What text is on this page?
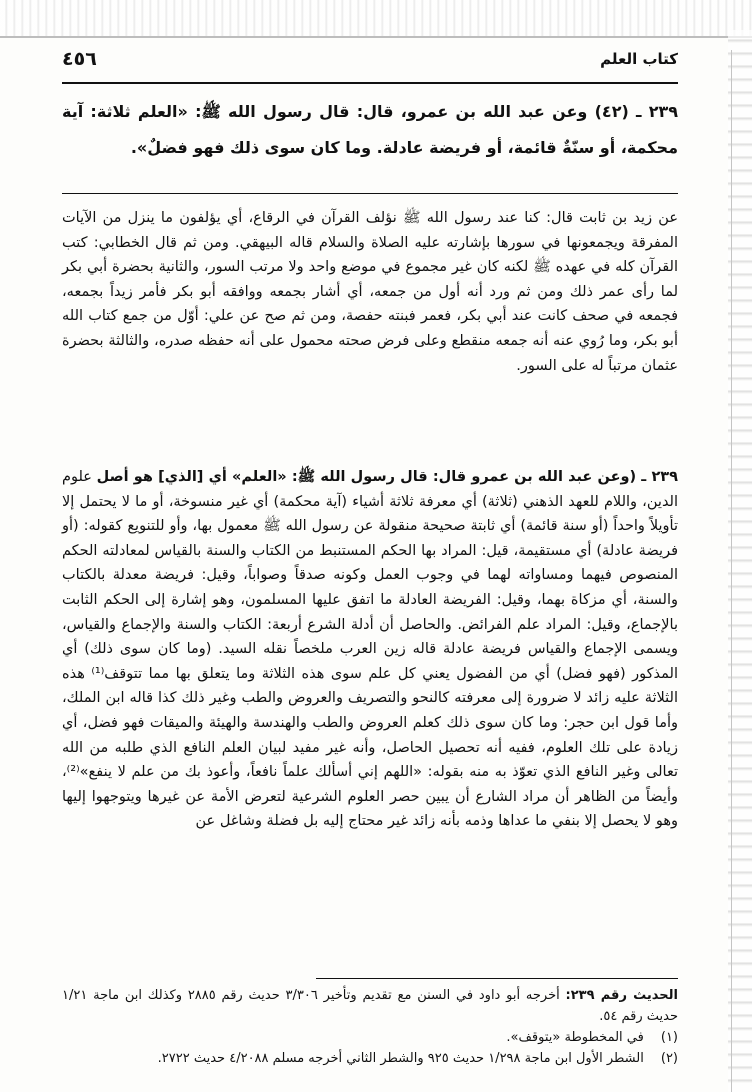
كتاب العلم
٤٥٦
٢٣٩ ـ (٤٢) وعن عبد الله بن عمرو، قال: قال رسول الله ﷺ: «العلم ثلاثة: آية محكمة، أو سنّةٌ قائمة، أو فريضة عادلة. وما كان سوى ذلك فهو فضلٌ».
عن زيد بن ثابت قال: كنا عند رسول الله ﷺ نؤلف القرآن في الرقاع، أي يؤلفون ما ينزل من الآيات المفرقة ويجمعونها في سورها بإشارته عليه الصلاة والسلام قاله البيهقي. ومن ثم قال الخطابي: كتب القرآن كله في عهده ﷺ لكنه كان غير مجموع في موضع واحد ولا مرتب السور، والثانية بحضرة أبي بكر لما رأى عمر ذلك ومن ثم ورد أنه أول من جمعه، أي أشار بجمعه ووافقه أبو بكر فأمر زيداً بجمعه، فجمعه في صحف كانت عند أبي بكر، فعمر فبنته حفصة، ومن ثم صح عن علي: أوّل من جمع كتاب الله أبو بكر، وما رُوي عنه أنه جمعه منقطع وعلى فرض صحته محمول على أنه حفظه صدره، والثالثة بحضرة عثمان مرتباً له على السور.
٢٣٩ ـ (وعن عبد الله بن عمرو قال: قال رسول الله ﷺ: «العلم» أي [الذي] هو أصل علوم الدين، واللام للعهد الذهني (ثلاثة) أي معرفة ثلاثة أشياء (آية محكمة) أي غير منسوخة، أو ما لا يحتمل إلا تأويلاً واحداً (أو سنة قائمة) أي ثابتة صحيحة منقولة عن رسول الله ﷺ معمول بها، وأو للتنويع كقوله: (أو فريضة عادلة) أي مستقيمة، قيل: المراد بها الحكم المستنبط من الكتاب والسنة بالقياس لمعادلته الحكم المنصوص فيهما ومساواته لهما في وجوب العمل وكونه صدقاً وصواباً، وقيل: فريضة معدلة بالكتاب والسنة، أي مزكاة بهما، وقيل: الفريضة العادلة ما اتفق عليها المسلمون، وهو إشارة إلى الحكم الثابت بالإجماع، وقيل: المراد علم الفرائض. والحاصل أن أدلة الشرع أربعة: الكتاب والسنة والإجماع والقياس، ويسمى الإجماع والقياس فريضة عادلة قاله زين العرب ملخصاً نقله السيد. (وما كان سوى ذلك) أي المذكور (فهو فضل) أي من الفضول يعني كل علم سوى هذه الثلاثة وما يتعلق بها مما تتوقف⁽¹⁾ هذه الثلاثة عليه زائد لا ضرورة إلى معرفته كالنحو والتصريف والعروض والطب وغير ذلك كذا قاله ابن الملك، وأما قول ابن حجر: وما كان سوى ذلك كعلم العروض والطب والهندسة والهيئة والميقات فهو فضل، أي زيادة على تلك العلوم، ففيه أنه تحصيل الحاصل، وأنه غير مفيد لبيان العلم النافع الذي طلبه من الله تعالى وغير النافع الذي تعوّذ به منه بقوله: «اللهم إني أسألك علماً نافعاً، وأعوذ بك من علم لا ينفع»⁽²⁾، وأيضاً من الظاهر أن مراد الشارع أن يبين حصر العلوم الشرعية لتعرض الأمة عن غيرها ويتوجهوا إليها وهو لا يحصل إلا بنفي ما عداها وذمه بأنه زائد غير محتاج إليه بل فضلة وشاغل عن
الحديث رقم ٢٣٩: أخرجه أبو داود في السنن مع تقديم وتأخير ٣/٣٠٦ حديث رقم ٢٨٨٥ وكذلك ابن ماجة ١/٢١ حديث رقم ٥٤.
(١) في المخطوطة «يتوقف».
(٢) الشطر الأول ابن ماجة ١/٢٩٨ حديث ٩٢٥ والشطر الثاني أخرجه مسلم ٤/٢٠٨٨ حديث ٢٧٢٢.
